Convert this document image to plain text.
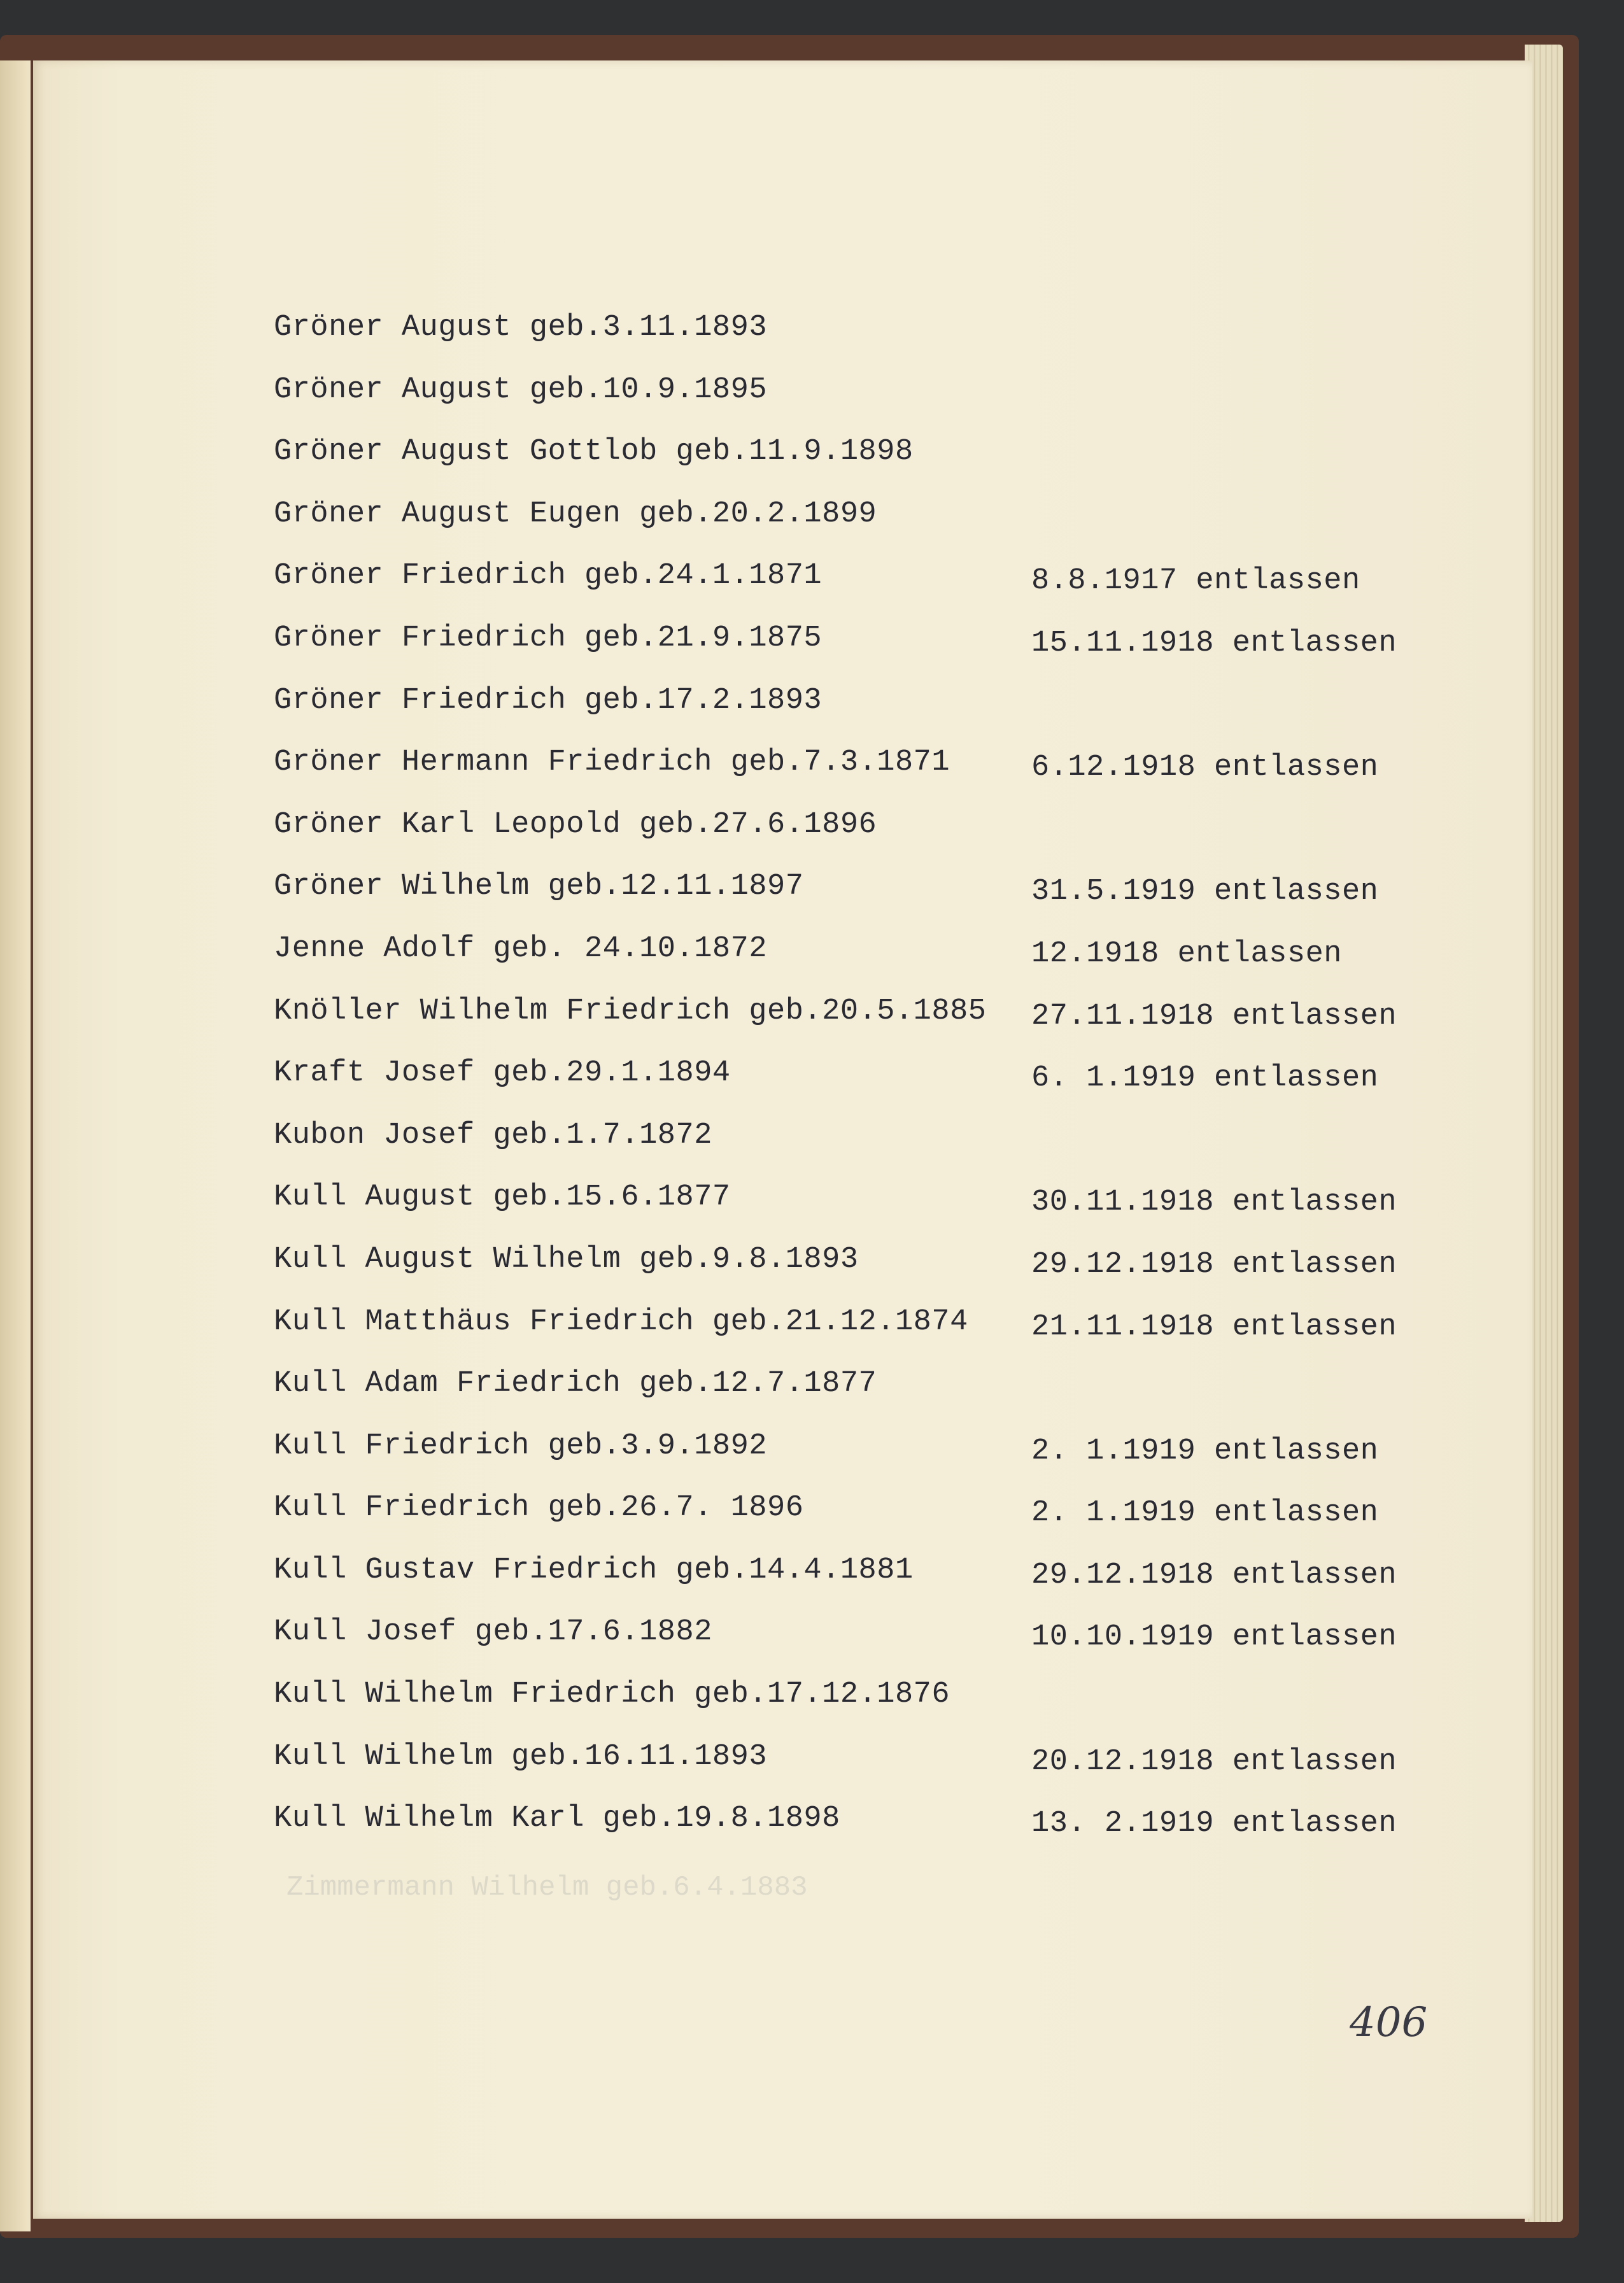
Zimmermann Wilhelm geb.6.4.1883
Gröner August geb.3.11.1893
Gröner August geb.10.9.1895
Gröner August Gottlob geb.11.9.1898
Gröner August Eugen geb.20.2.1899
Gröner Friedrich geb.24.1.1871	8.8.1917 entlassen
Gröner Friedrich geb.21.9.1875	15.11.1918 entlassen
Gröner Friedrich geb.17.2.1893
Gröner Hermann Friedrich geb.7.3.1871	6.12.1918 entlassen
Gröner Karl Leopold geb.27.6.1896
Gröner Wilhelm geb.12.11.1897	31.5.1919 entlassen
Jenne Adolf geb. 24.10.1872	12.1918 entlassen
Knöller Wilhelm Friedrich geb.20.5.1885 27.11.1918 entlassen
Kraft Josef geb.29.1.1894	6. 1.1919 entlassen
Kubon Josef geb.1.7.1872
Kull August geb.15.6.1877	30.11.1918 entlassen
Kull August Wilhelm geb.9.8.1893	29.12.1918 entlassen
Kull Matthäus Friedrich geb.21.12.1874 21.11.1918 entlassen
Kull Adam Friedrich geb.12.7.1877
Kull Friedrich geb.3.9.1892	2. 1.1919 entlassen
Kull Friedrich geb.26.7. 1896	2. 1.1919 entlassen
Kull Gustav Friedrich geb.14.4.1881	29.12.1918 entlassen
Kull Josef geb.17.6.1882	10.10.1919 entlassen
Kull Wilhelm Friedrich geb.17.12.1876
Kull Wilhelm geb.16.11.1893	20.12.1918 entlassen
Kull Wilhelm Karl geb.19.8.1898	13. 2.1919 entlassen
406
